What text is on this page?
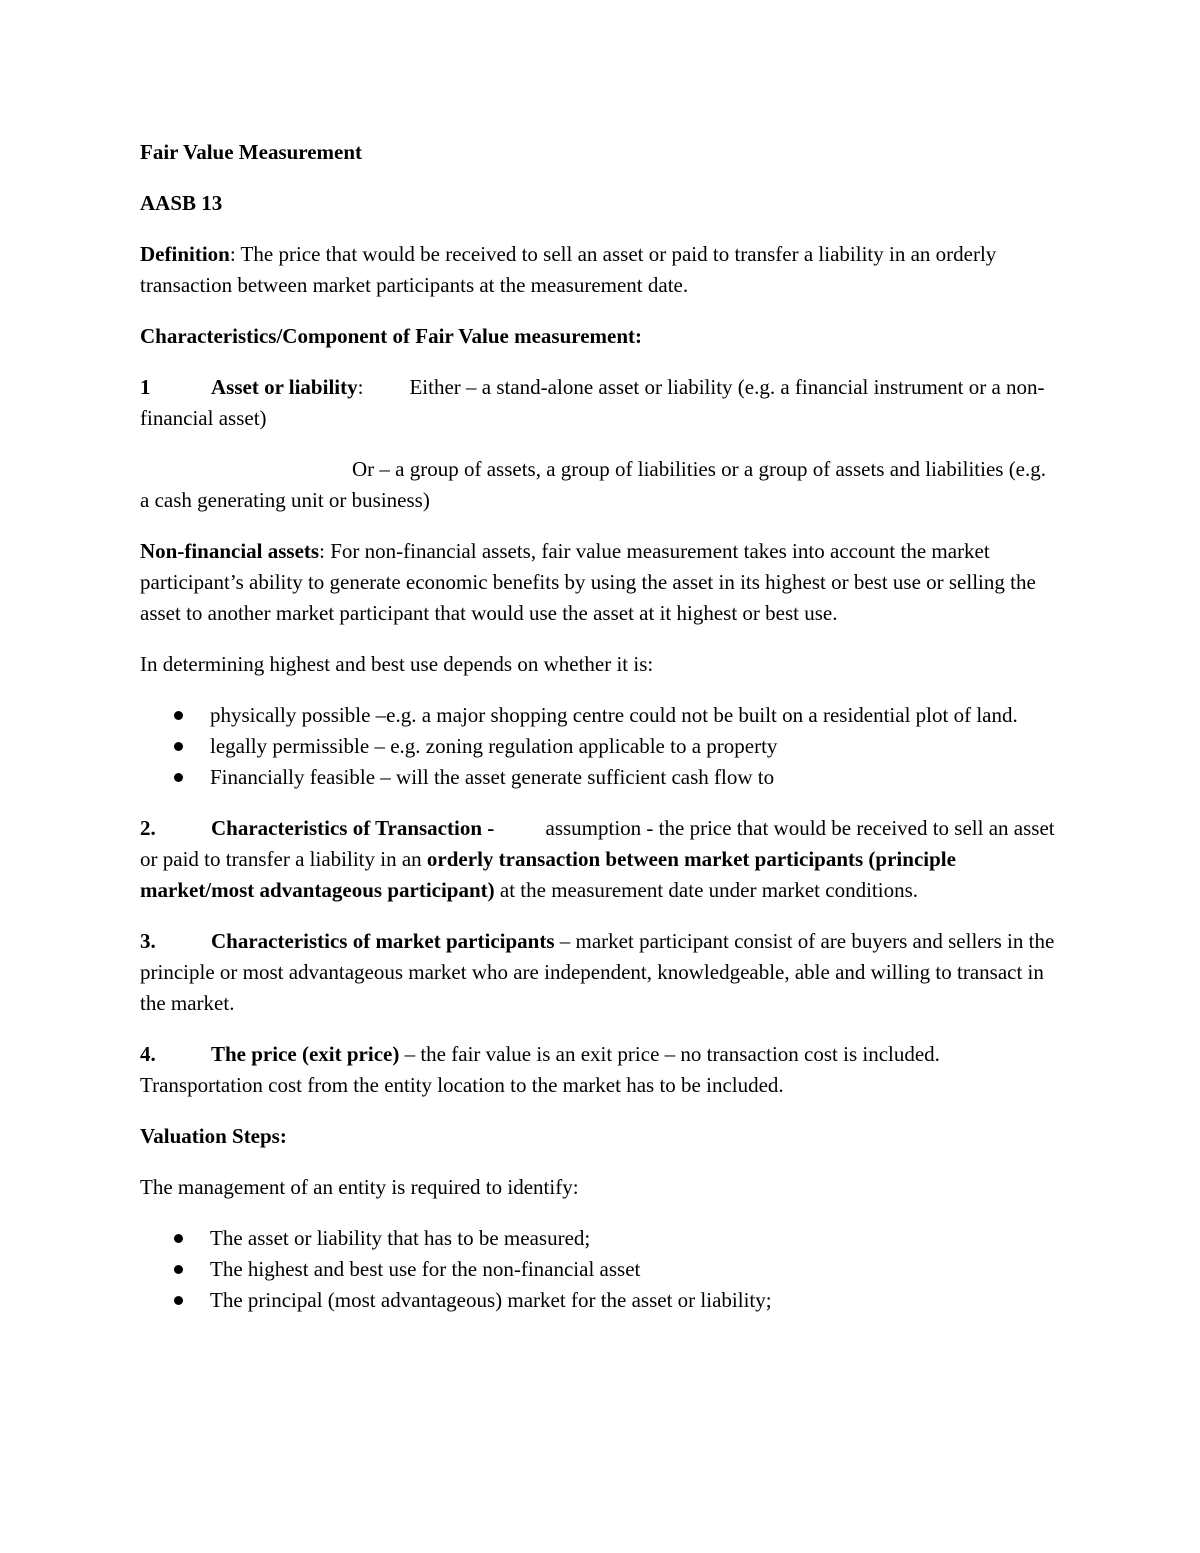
Fair Value Measurement

AASB 13

Definition: The price that would be received to sell an asset or paid to transfer a liability in an orderly transaction between market participants at the measurement date.

Characteristics/Component of Fair Value measurement:

1	Asset or liability: Either – a stand-alone asset or liability (e.g. a financial instrument or a non-financial asset)

Or – a group of assets, a group of liabilities or a group of assets and liabilities (e.g. a cash generating unit or business)

Non-financial assets: For non-financial assets, fair value measurement takes into account the market participant’s ability to generate economic benefits by using the asset in its highest or best use or selling the asset to another market participant that would use the asset at it highest or best use.

In determining highest and best use depends on whether it is:

physically possible –e.g. a major shopping centre could not be built on a residential plot of land.
legally permissible – e.g. zoning regulation applicable to a property
Financially feasible – will the asset generate sufficient cash flow to

2.	Characteristics of Transaction - assumption - the price that would be received to sell an asset or paid to transfer a liability in an orderly transaction between market participants (principle market/most advantageous participant) at the measurement date under market conditions.

3.	Characteristics of market participants – market participant consist of are buyers and sellers in the principle or most advantageous market who are independent, knowledgeable, able and willing to transact in the market.

4.	The price (exit price) – the fair value is an exit price – no transaction cost is included. Transportation cost from the entity location to the market has to be included.

Valuation Steps:

The management of an entity is required to identify:

The asset or liability that has to be measured;
The highest and best use for the non-financial asset
The principal (most advantageous) market for the asset or liability;
